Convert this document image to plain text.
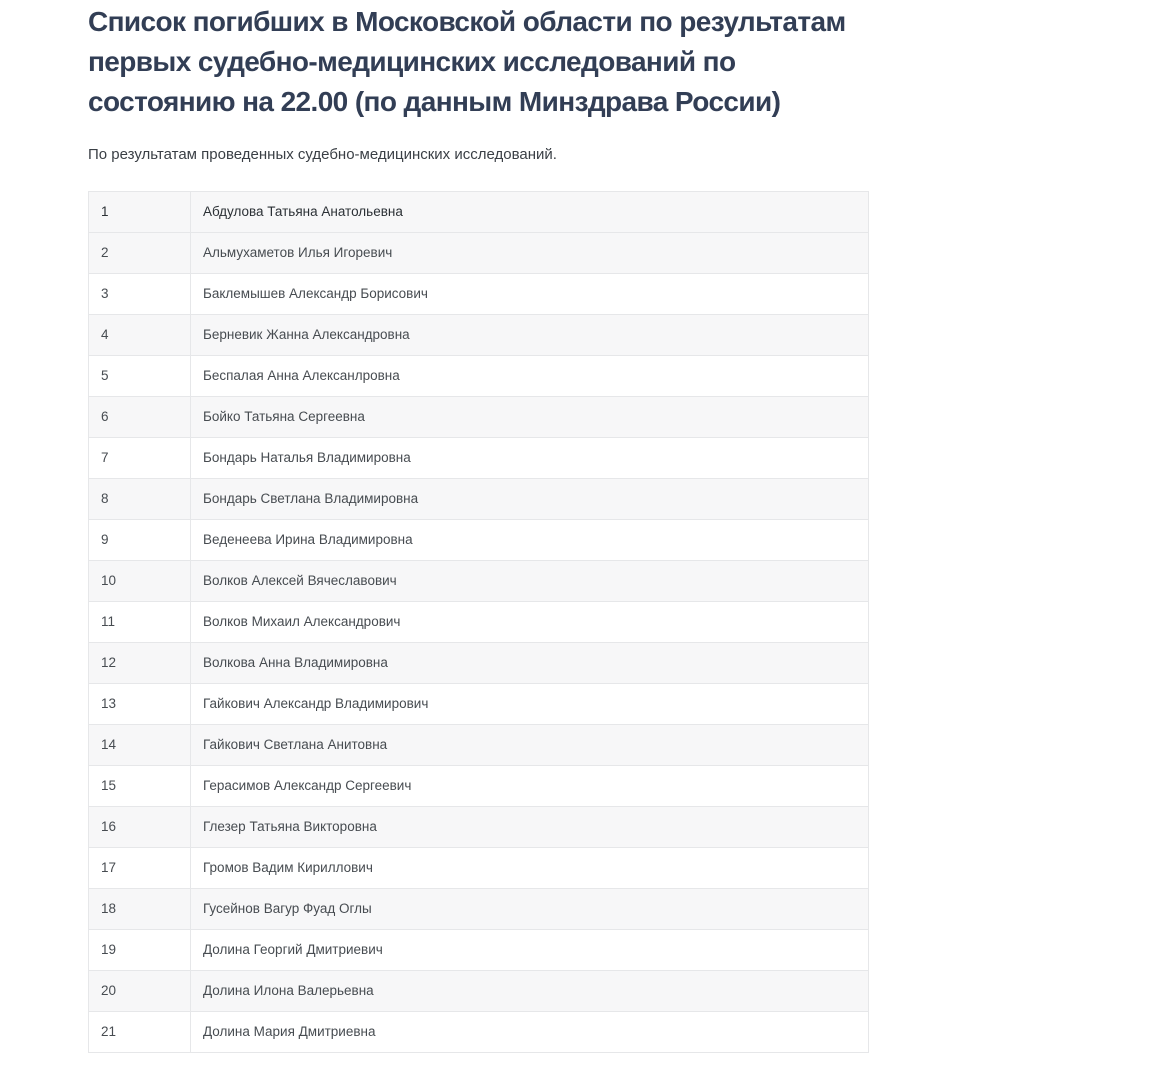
Список погибших в Московской области по результатам первых судебно-медицинских исследований по состоянию на 22.00 (по данным Минздрава России)

По результатам проведенных судебно-медицинских исследований.

1	Абдулова Татьяна Анатольевна
2	Альмухаметов Илья Игоревич
3	Баклемышев Александр Борисович
4	Берневик Жанна Александровна
5	Беспалая Анна Алексанлровна
6	Бойко Татьяна Сергеевна
7	Бондарь Наталья Владимировна
8	Бондарь Светлана Владимировна
9	Веденеева Ирина Владимировна
10	Волков Алексей Вячеславович
11	Волков Михаил Александрович
12	Волкова Анна Владимировна
13	Гайкович Александр Владимирович
14	Гайкович Светлана Анитовна
15	Герасимов Александр Сергеевич
16	Глезер Татьяна Викторовна
17	Громов Вадим Кириллович
18	Гусейнов Вагур Фуад Оглы
19	Долина Георгий Дмитриевич
20	Долина Илона Валерьевна
21	Долина Мария Дмитриевна
